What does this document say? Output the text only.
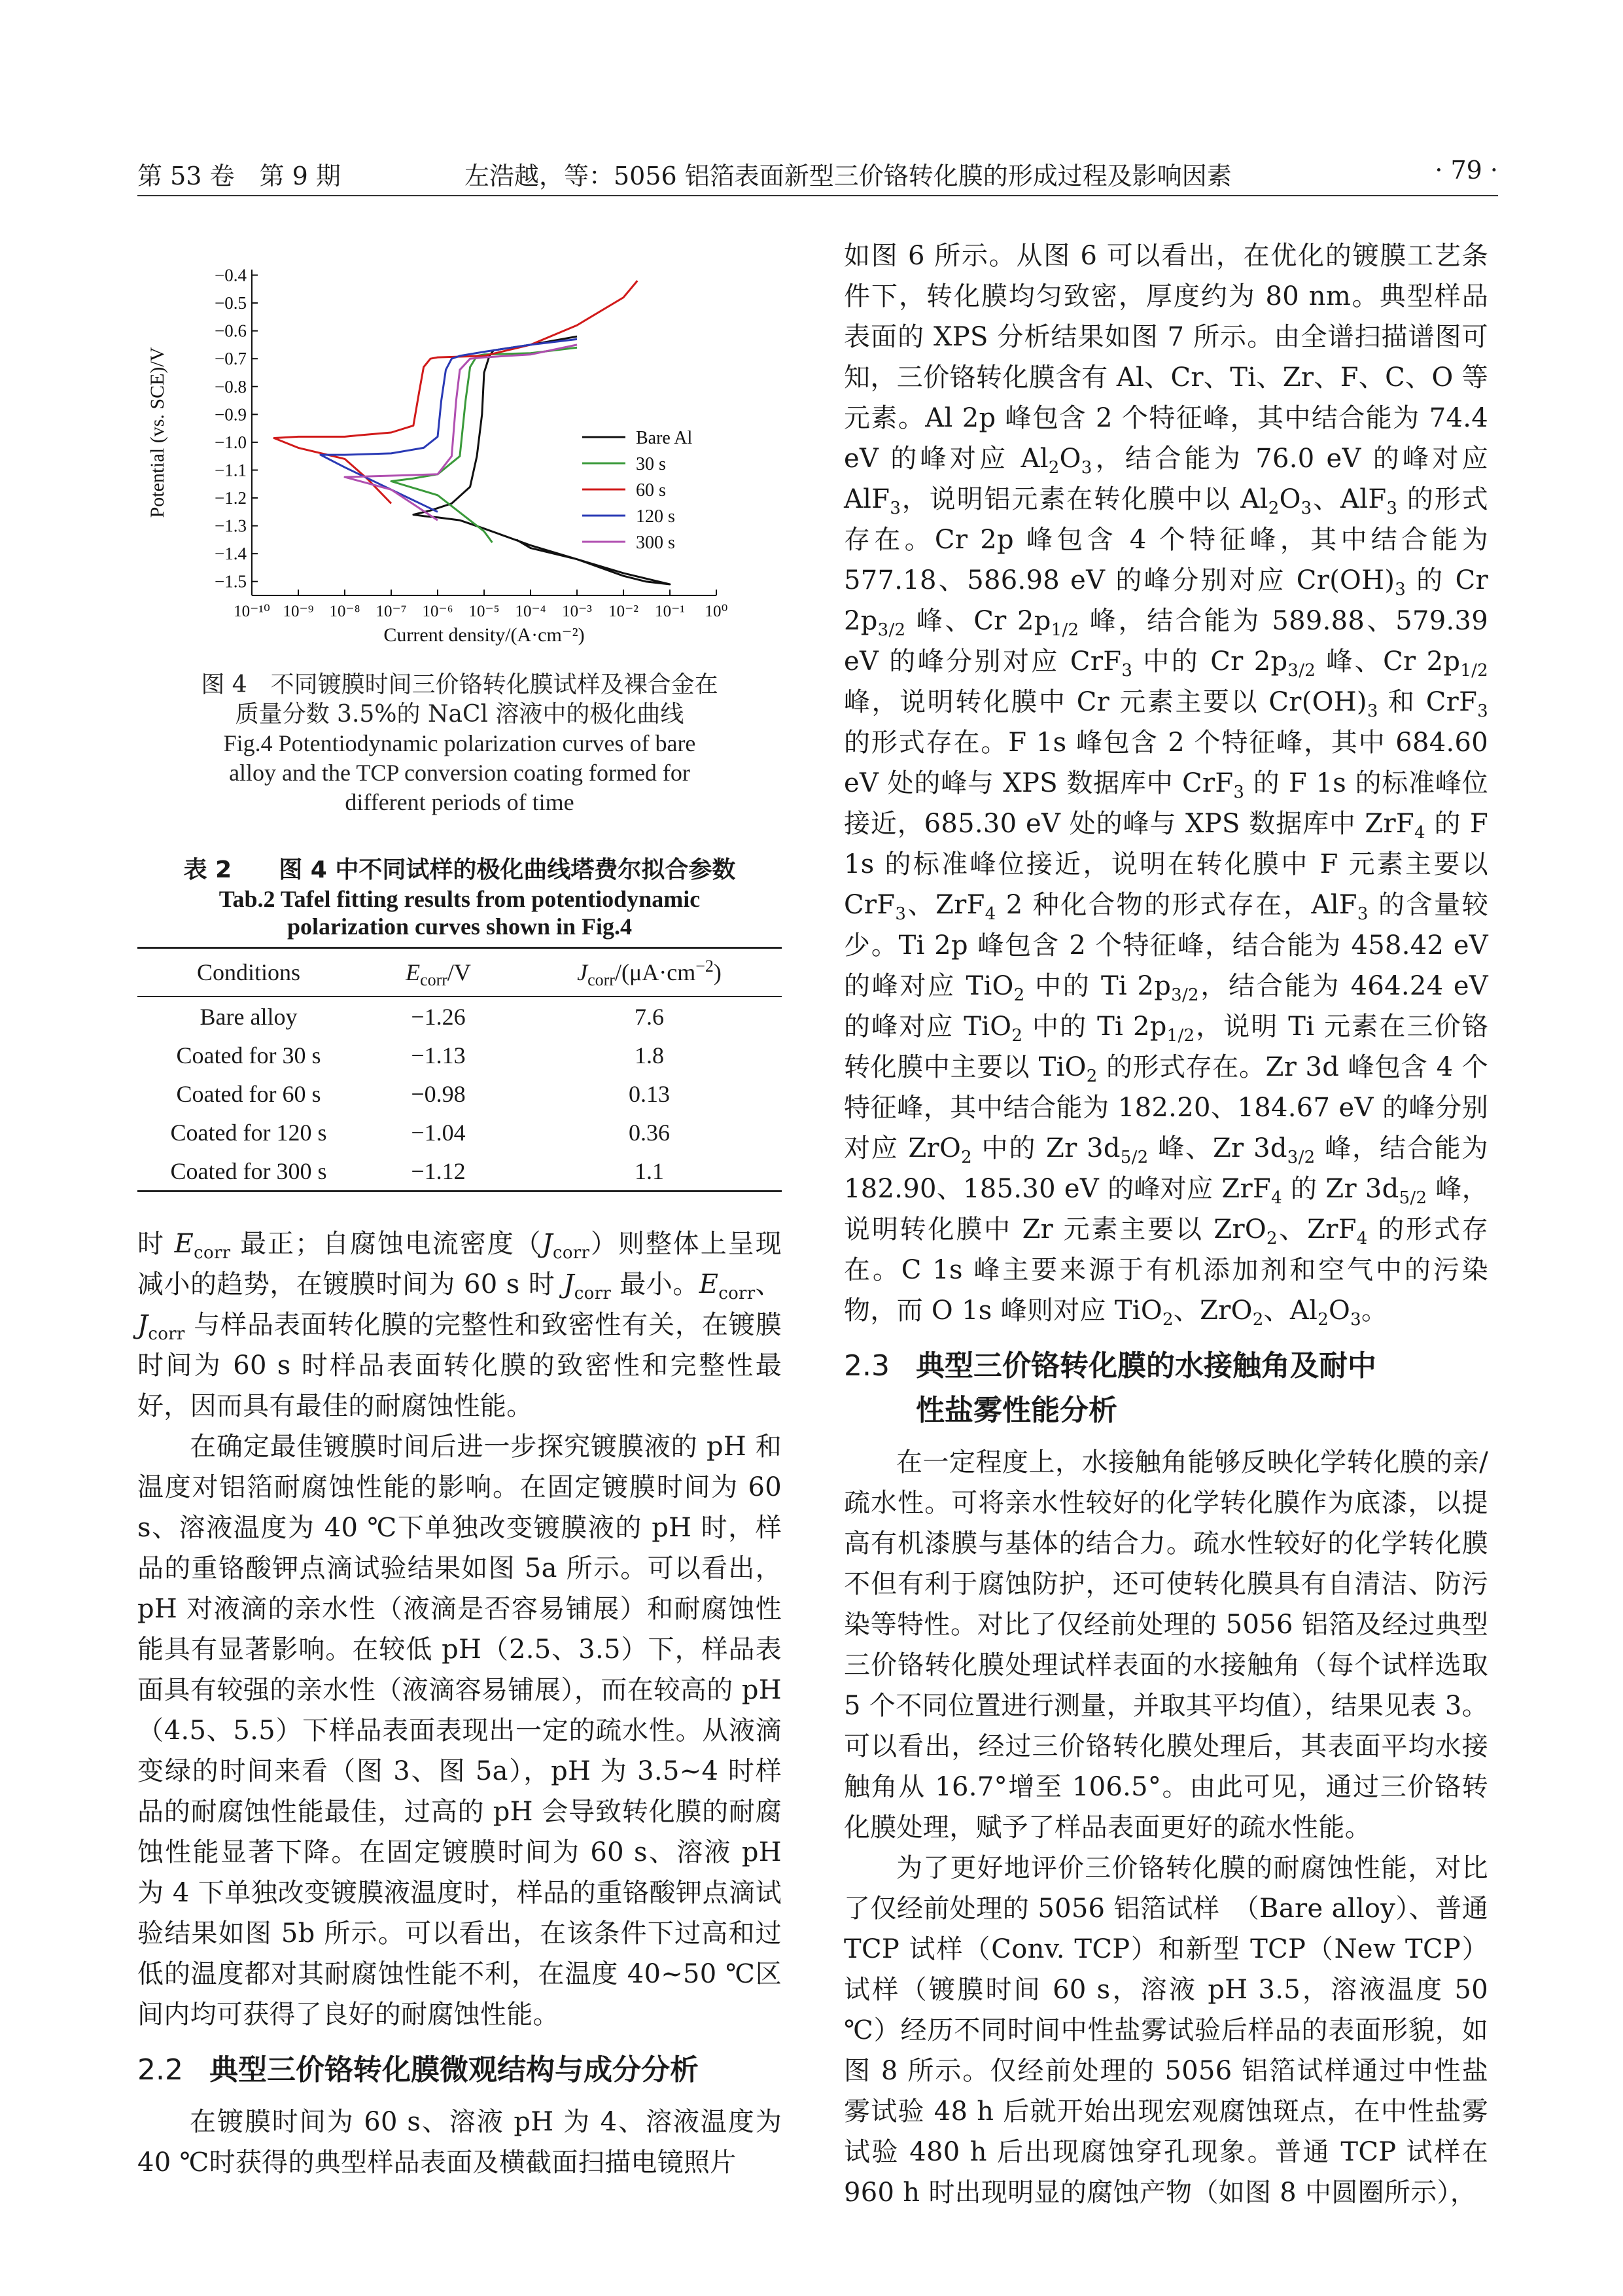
第 53 卷　第 9 期	左浩越，等：5056 铝箔表面新型三价铬转化膜的形成过程及影响因素	· 79 ·
−0.4
−0.5
−0.6
−0.7
−0.8
−0.9
−1.0
−1.1
−1.2
−1.3
−1.4
−1.5
10⁻¹⁰ 10⁻⁹ 10⁻⁸ 10⁻⁷ 10⁻⁶ 10⁻⁵ 10⁻⁴ 10⁻³ 10⁻² 10⁻¹ 10⁰
Current density/(A·cm⁻²)
Potential (vs. SCE)/V	Bare Al
30 s
60 s
120 s
300 s
图 4　不同镀膜时间三价铬转化膜试样及裸合金在
质量分数 3.5%的 NaCl 溶液中的极化曲线
Fig.4 Potentiodynamic polarization curves of bare
alloy and the TCP conversion coating formed for
different periods of time
表 2　　图 4 中不同试样的极化曲线塔费尔拟合参数
Tab.2 Tafel fitting results from potentiodynamic
polarization curves shown in Fig.4
Conditions	$E_{corr}/V$	$J_{corr}/(\mu A\cdot cm^{-2})$
Bare alloy	−1.26	7.6
Coated for 30 s	−1.13	1.8
Coated for 60 s	−0.98	0.13
Coated for 120 s	−1.04	0.36
Coated for 300 s	−1.12	1.1

时 $E_{corr}$ 最正；自腐蚀电流密度$(J_{corr})$则整体上呈现减小的趋势，在镀膜时间为 60 s 时 $J_{corr}$ 最小。$E_{corr}$、$J_{corr}$ 与样品表面转化膜的完整性和致密性有关，在镀膜时间为 60 s 时样品表面转化膜的致密性和完整性最好，因而具有最佳的耐腐蚀性能。

在确定最佳镀膜时间后进一步探究镀膜液的 pH 和温度对铝箔耐腐蚀性能的影响。在固定镀膜时间为 60 s、溶液温度为 40 ℃下单独改变镀膜液的 pH 时，样品的重铬酸钾点滴试验结果如图 5a 所示。可以看出，pH 对液滴的亲水性（液滴是否容易铺展）和耐腐蚀性能具有显著影响。在较低 pH（2.5、3.5）下，样品表面具有较强的亲水性（液滴容易铺展），而在较高的 pH（4.5、5.5）下样品表面表现出一定的疏水性。从液滴变绿的时间来看（图 3、图 5a），pH 为 3.5~4 时样品的耐腐蚀性能最佳，过高的 pH 会导致转化膜的耐腐蚀性能显著下降。在固定镀膜时间为 60 s、溶液 pH 为 4 下单独改变镀膜液温度时，样品的重铬酸钾点滴试验结果如图 5b 所示。可以看出，在该条件下过高和过低的温度都对其耐腐蚀性能不利，在温度 40~50 ℃区间内均可获得了良好的耐腐蚀性能。

2.2 典型三价铬转化膜微观结构与成分分析

在镀膜时间为 60 s、溶液 pH 为 4、溶液温度为 40 ℃时获得的典型样品表面及横截面扫描电镜照片

如图 6 所示。从图 6 可以看出，在优化的镀膜工艺条件下，转化膜均匀致密，厚度约为 80 nm。典型样品表面的 XPS 分析结果如图 7 所示。由全谱扫描谱图可知，三价铬转化膜含有 Al、Cr、Ti、Zr、F、C、O 等元素。Al 2p 峰包含 2 个特征峰，其中结合能为 74.4 eV 的峰对应 $Al_2O_3$，结合能为 76.0 eV 的峰对应 AlF$_3$，说明铝元素在转化膜中以 $Al_2O_3$、AlF$_3$ 的形式存在。Cr 2p 峰包含 4 个特征峰，其中结合能为 577.18、586.98 eV 的峰分别对应 $Cr(OH)_3$ 的 Cr $2p_{3/2}$ 峰、Cr $2p_{1/2}$ 峰，结合能为 589.88、579.39 eV 的峰分别对应 CrF$_3$ 中的 Cr $2p_{3/2}$ 峰、Cr $2p_{1/2}$ 峰，说明转化膜中 Cr 元素主要以 $Cr(OH)_3$ 和 CrF$_3$ 的形式存在。F 1s 峰包含 2 个特征峰，其中 684.60 eV 处的峰与 XPS 数据库中 CrF$_3$ 的 F 1s 的标准峰位接近，685.30 eV 处的峰与 XPS 数据库中 ZrF$_4$ 的 F 1s 的标准峰位接近，说明在转化膜中 F 元素主要以 CrF$_3$、ZrF$_4$ 2 种化合物的形式存在，AlF$_3$ 的含量较少。Ti 2p 峰包含 2 个特征峰，结合能为 458.42 eV 的峰对应 TiO$_2$ 中的 Ti $2p_{3/2}$，结合能为 464.24 eV 的峰对应 TiO$_2$ 中的 Ti $2p_{1/2}$，说明 Ti 元素在三价铬转化膜中主要以 TiO$_2$ 的形式存在。Zr 3d 峰包含 4 个特征峰，其中结合能为 182.20、184.67 eV 的峰分别对应 ZrO$_2$ 中的 Zr $3d_{5/2}$ 峰、Zr $3d_{3/2}$ 峰，结合能为 182.90、185.30 eV 的峰对应 ZrF$_4$ 的 Zr $3d_{5/2}$ 峰，说明转化膜中 Zr 元素主要以 ZrO$_2$、ZrF$_4$ 的形式存在。C 1s 峰主要来源于有机添加剂和空气中的污染物，而 O 1s 峰则对应 TiO$_2$、ZrO$_2$、$Al_2O_3$。

2.3 典型三价铬转化膜的水接触角及耐中
性盐雾性能分析

在一定程度上，水接触角能够反映化学转化膜的亲/疏水性。可将亲水性较好的化学转化膜作为底漆，以提高有机漆膜与基体的结合力。疏水性较好的化学转化膜不但有利于腐蚀防护，还可使转化膜具有自清洁、防污染等特性。对比了仅经前处理的 5056 铝箔及经过典型三价铬转化膜处理试样表面的水接触角（每个试样选取 5 个不同位置进行测量，并取其平均值），结果见表 3。可以看出，经过三价铬转化膜处理后，其表面平均水接触角从 16.7°增至 106.5°。由此可见，通过三价铬转化膜处理，赋予了样品表面更好的疏水性能。

为了更好地评价三价铬转化膜的耐腐蚀性能，对比了仅经前处理的 5056 铝箔试样　（Bare alloy）、普通 TCP 试样（Conv. TCP）和新型 TCP（New TCP）试样（镀膜时间 60 s，溶液 pH 3.5，溶液温度 50 ℃）经历不同时间中性盐雾试验后样品的表面形貌，如图 8 所示。仅经前处理的 5056 铝箔试样通过中性盐雾试验 48 h 后就开始出现宏观腐蚀斑点，在中性盐雾试验 480 h 后出现腐蚀穿孔现象。普通 TCP 试样在 960 h 时出现明显的腐蚀产物（如图 8 中圆圈所示），
